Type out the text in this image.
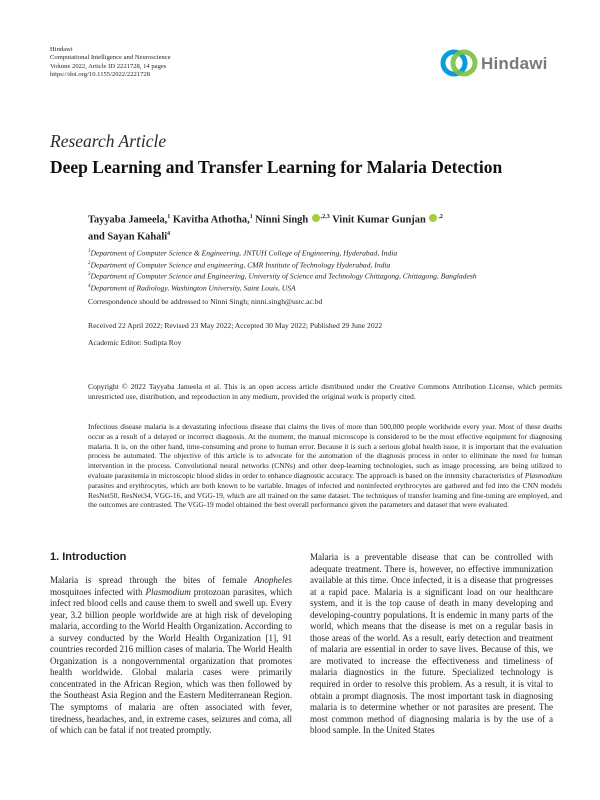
Hindawi
Computational Intelligence and Neuroscience
Volume 2022, Article ID 2221728, 14 pages
https://doi.org/10.1155/2022/2221728
Hindawi
Research Article
Deep Learning and Transfer Learning for Malaria Detection
Tayyaba Jameela,$^1$ Kavitha Athotha,$^1$ Ninni Singh $^{,2,3}$ Vinit Kumar Gunjan $^{,2}$
and Sayan Kahali$^4$
$^1$Department of Computer Science & Engineering, JNTUH College of Engineering, Hyderabad, India
$^2$Department of Computer Science and engineering, CMR Institute of Technology Hyderabad, India
$^3$Department of Computer Science and Engineering, University of Science and Technology Chittagong, Chittagong, Bangladesh
$^4$Department of Radiology, Washington University, Saint Louis, USA
Correspondence should be addressed to Ninni Singh; ninni.singh@ustc.ac.bd
Received 22 April 2022; Revised 23 May 2022; Accepted 30 May 2022; Published 29 June 2022
Academic Editor: Sudipta Roy
Copyright © 2022 Tayyaba Jameela et al. This is an open access article distributed under the Creative Commons Attribution License, which permits unrestricted use, distribution, and reproduction in any medium, provided the original work is properly cited.
Infectious disease malaria is a devastating infectious disease that claims the lives of more than 500,000 people worldwide every year. Most of these deaths occur as a result of a delayed or incorrect diagnosis. At the moment, the manual microscope is considered to be the most effective equipment for diagnosing malaria. It is, on the other hand, time-consuming and prone to human error. Because it is such a serious global health issue, it is important that the evaluation process be automated. The objective of this article is to advocate for the automation of the diagnosis process in order to eliminate the need for human intervention in the process. Convolutional neural networks (CNNs) and other deep-learning technologies, such as image processing, are being utilized to evaluate parasitemia in microscopic blood slides in order to enhance diagnostic accuracy. The approach is based on the intensity characteristics of Plasmodium parasites and erythrocytes, which are both known to be variable. Images of infected and noninfected erythrocytes are gathered and fed into the CNN models ResNet50, ResNet34, VGG-16, and VGG-19, which are all trained on the same dataset. The techniques of transfer learning and fine-tuning are employed, and the outcomes are contrasted. The VGG-19 model obtained the best overall performance given the parameters and dataset that were evaluated.
1. Introduction
Malaria is spread through the bites of female Anopheles mosquitoes infected with Plasmodium protozoan parasites, which infect red blood cells and cause them to swell and swell up. Every year, 3.2 billion people worldwide are at high risk of developing malaria, according to the World Health Organization. According to a survey conducted by the World Health Organization [1], 91 countries recorded 216 million cases of malaria. The World Health Organization is a nongovernmental organization that promotes health worldwide. Global malaria cases were primarily concentrated in the African Region, which was then followed by the Southeast Asia Region and the Eastern Mediterranean Region. The symptoms of malaria are often associated with fever, tiredness, headaches, and, in extreme cases, seizures and coma, all of which can be fatal if not treated promptly.
Malaria is a preventable disease that can be controlled with adequate treatment. There is, however, no effective immunization available at this time. Once infected, it is a disease that progresses at a rapid pace. Malaria is a significant load on our healthcare system, and it is the top cause of death in many developing and developing-country populations. It is endemic in many parts of the world, which means that the disease is met on a regular basis in those areas of the world. As a result, early detection and treatment of malaria are essential in order to save lives. Because of this, we are motivated to increase the effectiveness and timeliness of malaria diagnostics in the future. Specialized technology is required in order to resolve this problem. As a result, it is vital to obtain a prompt diagnosis. The most important task in diagnosing malaria is to determine whether or not parasites are present. The most common method of diagnosing malaria is by the use of a blood sample. In the United States
